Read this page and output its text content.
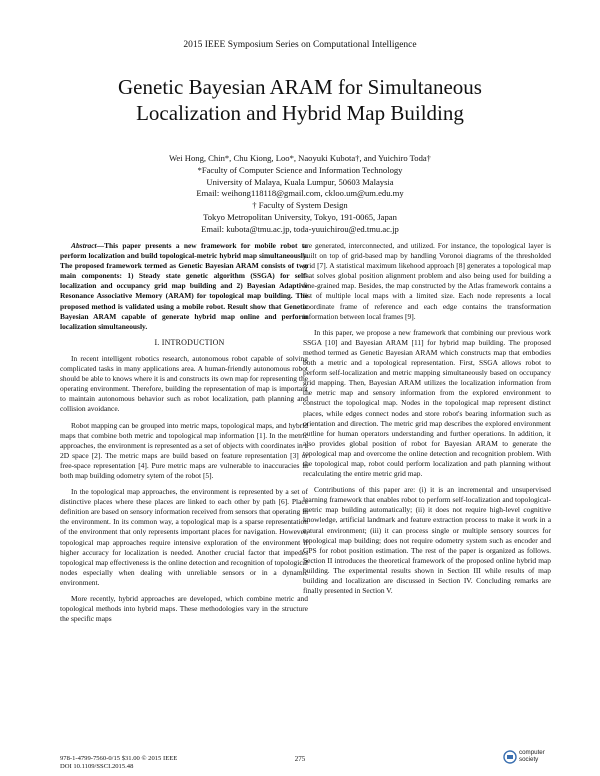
2015 IEEE Symposium Series on Computational Intelligence
Genetic Bayesian ARAM for Simultaneous
Localization and Hybrid Map Building
Wei Hong, Chin*, Chu Kiong, Loo*, Naoyuki Kubota†, and Yuichiro Toda†
*Faculty of Computer Science and Information Technology
University of Malaya, Kuala Lumpur, 50603 Malaysia
Email: weihong118118@gmail.com, ckloo.um@um.edu.my
† Faculty of System Design
Tokyo Metropolitan University, Tokyo, 191-0065, Japan
Email: kubota@tmu.ac.jp, toda-yuuichirou@ed.tmu.ac.jp

Abstract—This paper presents a new framework for mobile robot to perform localization and build topological-metric hybrid map simultaneously. The proposed framework termed as Genetic Bayesian ARAM consists of two main components: 1) Steady state genetic algorithm (SSGA) for self-localization and occupancy grid map building and 2) Bayesian Adaptive Resonance Associative Memory (ARAM) for topological map building. The proposed method is validated using a mobile robot. Result show that Genetic Bayesian ARAM capable of generate hybrid map online and perform localization simultaneously.

I. INTRODUCTION

In recent intelligent robotics research, autonomous robot capable of solving complicated tasks in many applications area. A human-friendly autonomous robot should be able to knows where it is and constructs its own map for representing the operating environment. Therefore, building the representation of map is important to maintain autonomous behavior such as robot localization, path planning and collision avoidance.

Robot mapping can be grouped into metric maps, topological maps, and hybrid maps that combine both metric and topological map information [1]. In the metric approaches, the environment is represented as a set of objects with coordinates in a 2D space [2]. The metric maps are build based on feature representation [3] or free-space representation [4]. Pure metric maps are vulnerable to inaccuracies in both map building odometry sytem of the robot [5].

In the topological map approaches, the environment is represented by a set of distinctive places where these places are linked to each other by path [6]. Place definition are based on sensory information received from sensors that operating in the environment. In its common way, a topological map is a sparse representation of the environment that only represents important places for navigation. However, topological map approaches require intensive exploration of the environment if higher accuracy for localization is needed. Another crucial factor that impedes topological map effectiveness is the online detection and recognition of topological nodes especially when dealing with unreliable sensors or in a dynamic environment.

More recently, hybrid approaches are developed, which combine metric and topological methods into hybrid maps. These methodologies vary in the structure the specific maps

are generated, interconnected, and utilized. For instance, the topological layer is built on top of grid-based map by handling Voronoi diagrams of the thresholded grid [7]. A statistical maximum likehood approach [8] generates a topological map that solves global position alignment problem and also being used for building a fine-grained map. Besides, the map constructed by the Atlas framework contains a list of multiple local maps with a limited size. Each node represents a local coordinate frame of reference and each edge contains the transformation information between local frames [9].

In this paper, we propose a new framework that combining our previous work SSGA [10] and Bayesian ARAM [11] for hybrid map building. The proposed method termed as Genetic Bayesian ARAM which constructs map that embodies both a metric and a topological representation. First, SSGA allows robot to perform self-localization and metric mapping simultaneously based on occupancy grid mapping. Then, Bayesian ARAM utilizes the localization information from the metric map and sensory information from the explored environment to construct the topological map. Nodes in the topological map represent distinct places, while edges connect nodes and store robot's bearing information such as orientation and direction. The metric grid map describes the explored environment outline for human operators understanding and further operations. In addition, it also provides global position of robot for Bayesian ARAM to generate the topological map and overcome the online detection and recognition problem. With the topological map, robot could perform localization and path planning without recalculating the entire metric grid map.

Contributions of this paper are: (i) it is an incremental and unsupervised learning framework that enables robot to perform self-localization and topological-metric map building automatically; (ii) it does not require high-level cognitive knowledge, artificial landmark and feature extraction process to make it work in a natural environment; (iii) it can process single or multiple sensory sources for topological map building; does not require odometry system such as encoder and GPS for robot position estimation. The rest of the paper is organized as follows. Section II introduces the theoretical framework of the proposed online hybrid map building. The experimental results shown in Section III while results of map building and localization are discussed in Section IV. Concluding remarks are finally presented in Section V.

978-1-4799-7560-0/15 $31.00 © 2015 IEEE
DOI 10.1109/SSCI.2015.48
275
computer
society
